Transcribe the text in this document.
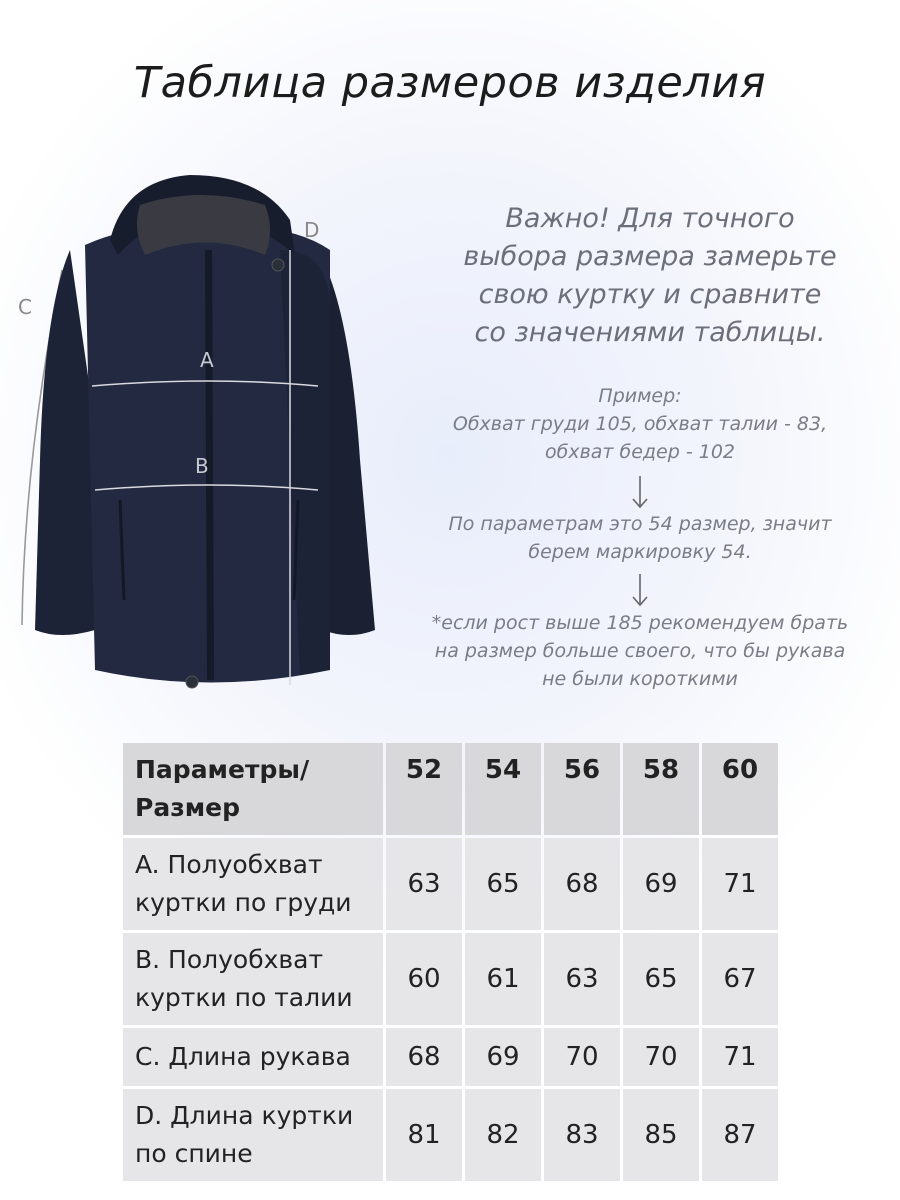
Таблица размеров изделия
A
B
C
D	Важно! Для точного
выбора размера замерьте
свою куртку и сравните
со значениями таблицы.
Пример:
Обхват груди 105, обхват талии - 83,
обхват бедер - 102
По параметрам это 54 размер, значит
берем маркировку 54.
*если рост выше 185 рекомендуем брать
на размер больше своего, что бы рукава
не были короткими
Параметры/
Размер	52	54	56	58	60

A. Полуобхват
куртки по груди	63	65	68	69	71

B. Полуобхват
куртки по талии	60	61	63	65	67

C. Длина рукава	68	69	70	70	71

D. Длина куртки
по спине	81	82	83	85	87
